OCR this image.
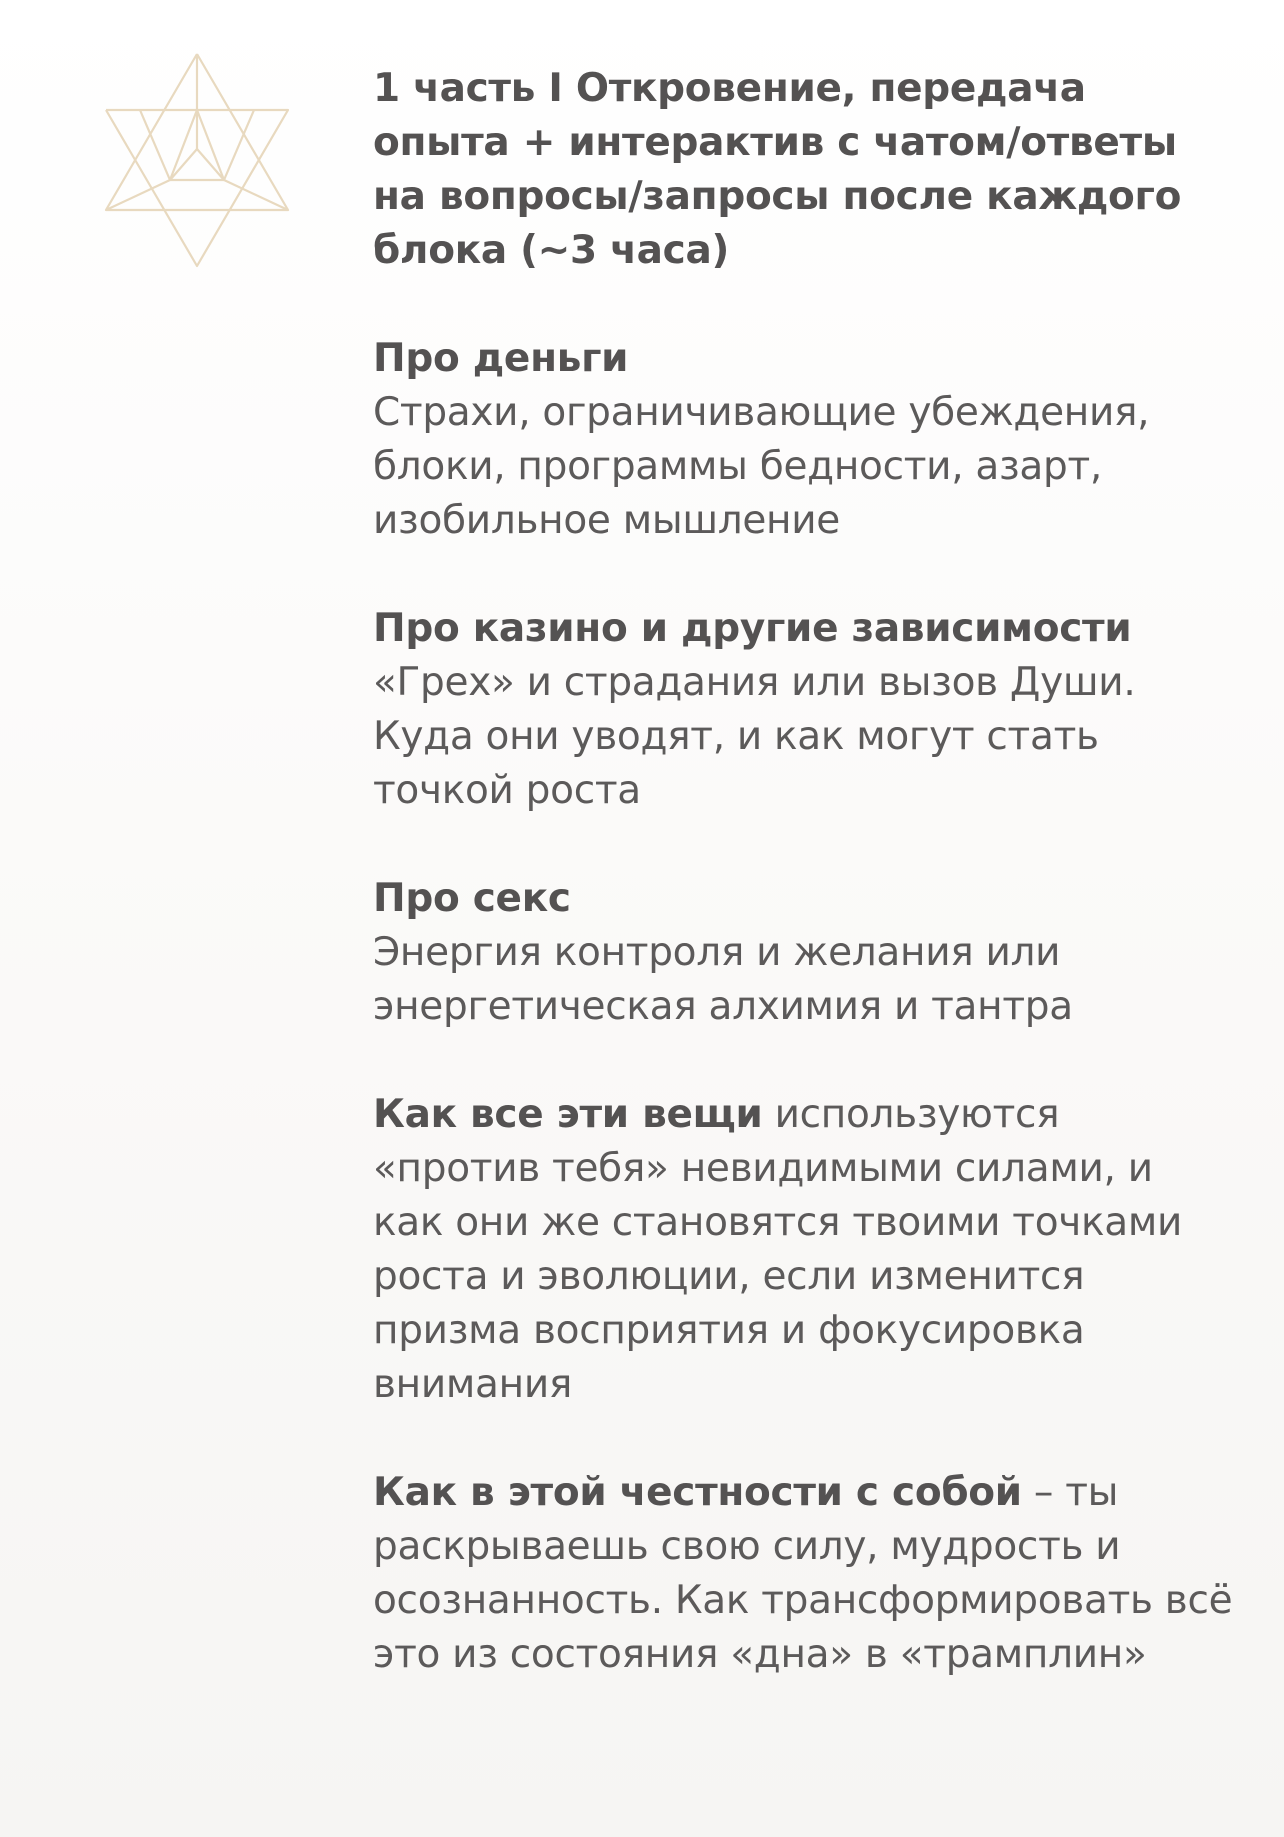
1 часть I Откровение, передача опыта + интерактив с чатом/ответы на вопросы/запросы после каждого блока (~3 часа)
Про деньги
Страхи, ограничивающие убеждения, блоки, программы бедности, азарт, изобильное мышление
Про казино и другие зависимости
«Грех» и страдания или вызов Души. Куда они уводят, и как могут стать точкой роста
Про секс
Энергия контроля и желания или энергетическая алхимия и тантра
Как все эти вещи используются «против тебя» невидимыми силами, и как они же становятся твоими точками роста и эволюции, если изменится призма восприятия и фокусировка внимания
Как в этой честности с собой – ты раскрываешь свою силу, мудрость и осознанность. Как трансформировать всё это из состояния «дна» в «трамплин»
